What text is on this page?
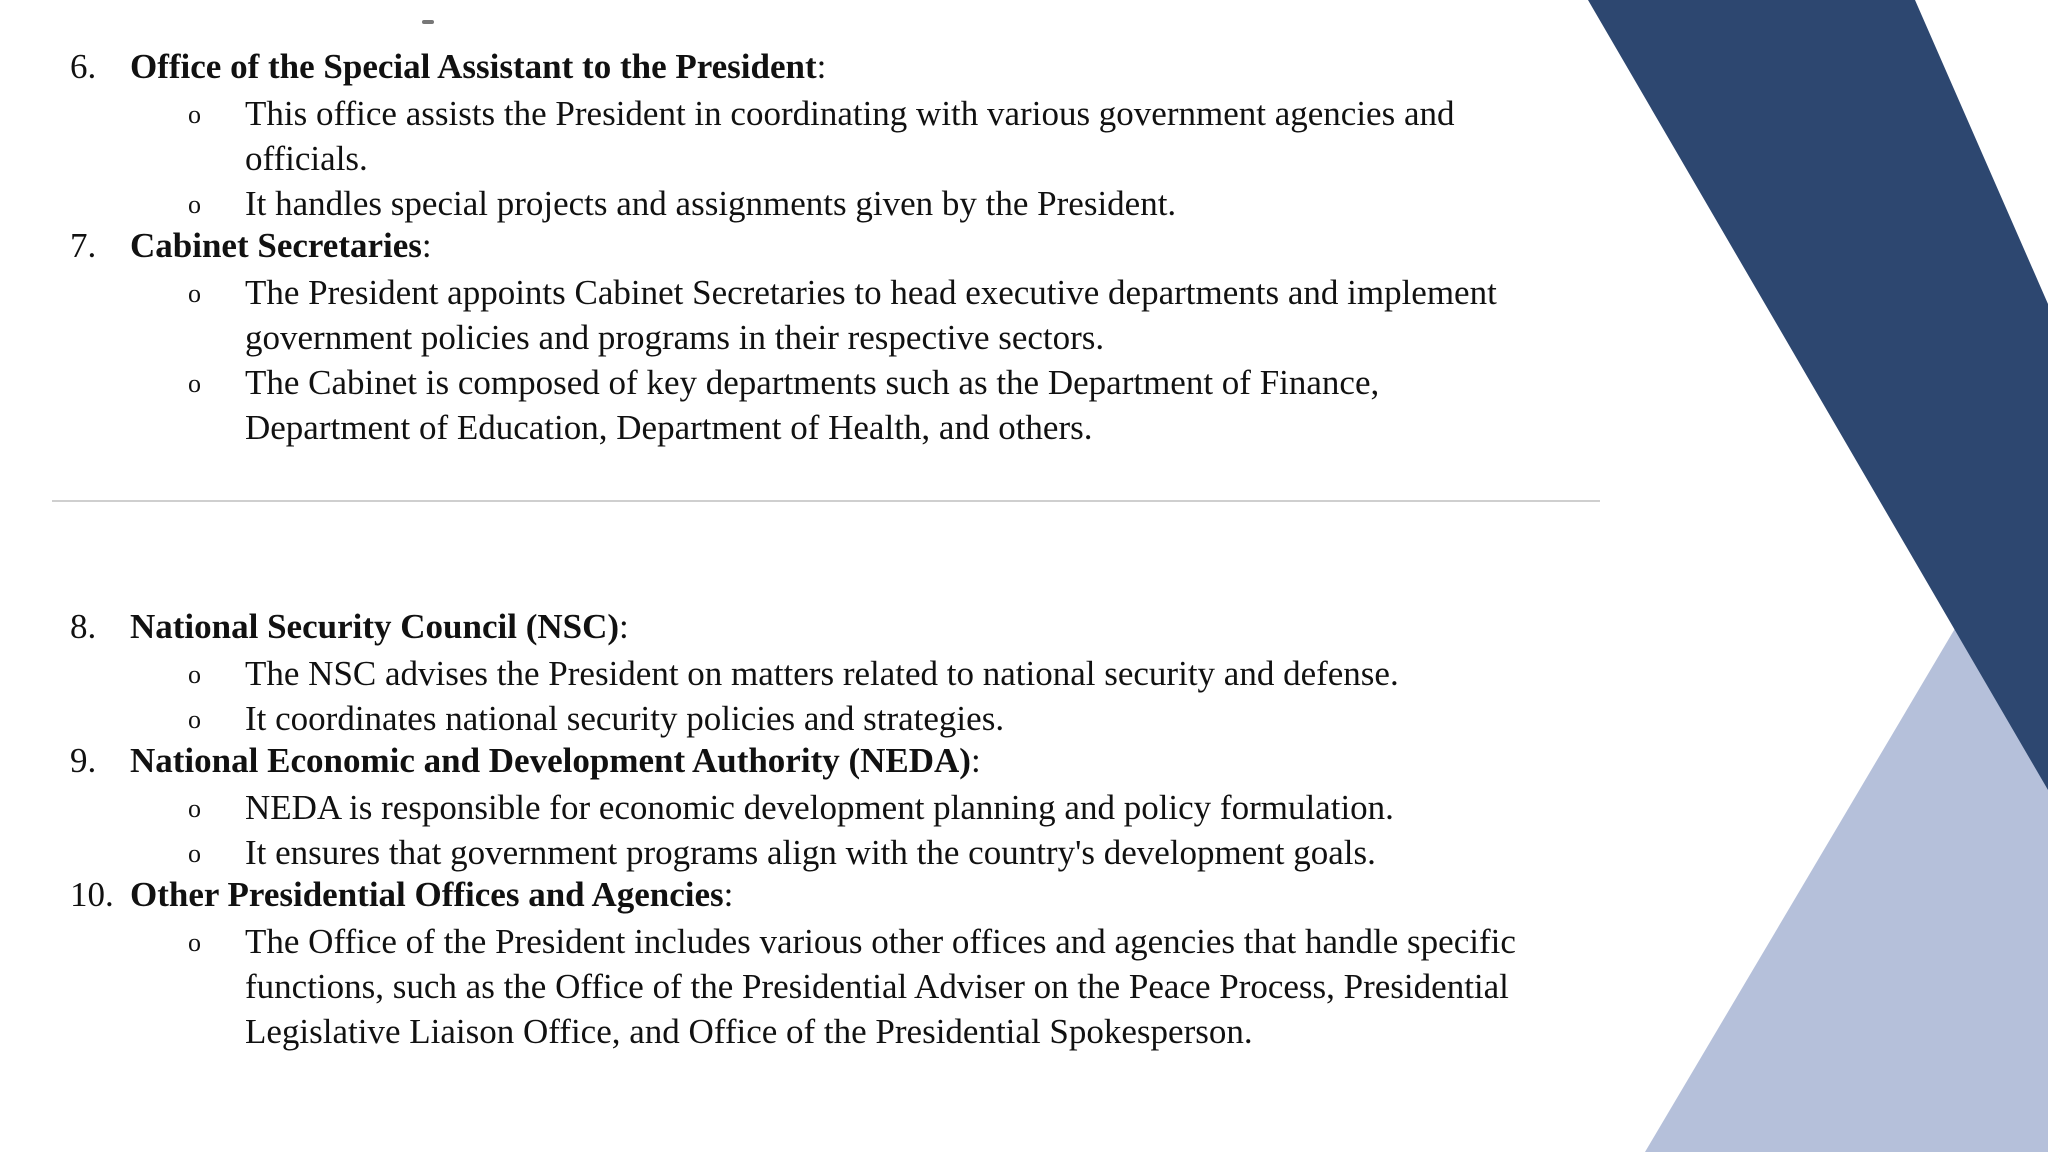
6. Office of the Special Assistant to the President:
o This office assists the President in coordinating with various government agencies and officials.
o It handles special projects and assignments given by the President.
7. Cabinet Secretaries:
o The President appoints Cabinet Secretaries to head executive departments and implement government policies and programs in their respective sectors.
o The Cabinet is composed of key departments such as the Department of Finance, Department of Education, Department of Health, and others.
8. National Security Council (NSC):
o The NSC advises the President on matters related to national security and defense.
o It coordinates national security policies and strategies.
9. National Economic and Development Authority (NEDA):
o NEDA is responsible for economic development planning and policy formulation.
o It ensures that government programs align with the country's development goals.
10. Other Presidential Offices and Agencies:
o The Office of the President includes various other offices and agencies that handle specific functions, such as the Office of the Presidential Adviser on the Peace Process, Presidential Legislative Liaison Office, and Office of the Presidential Spokesperson.
